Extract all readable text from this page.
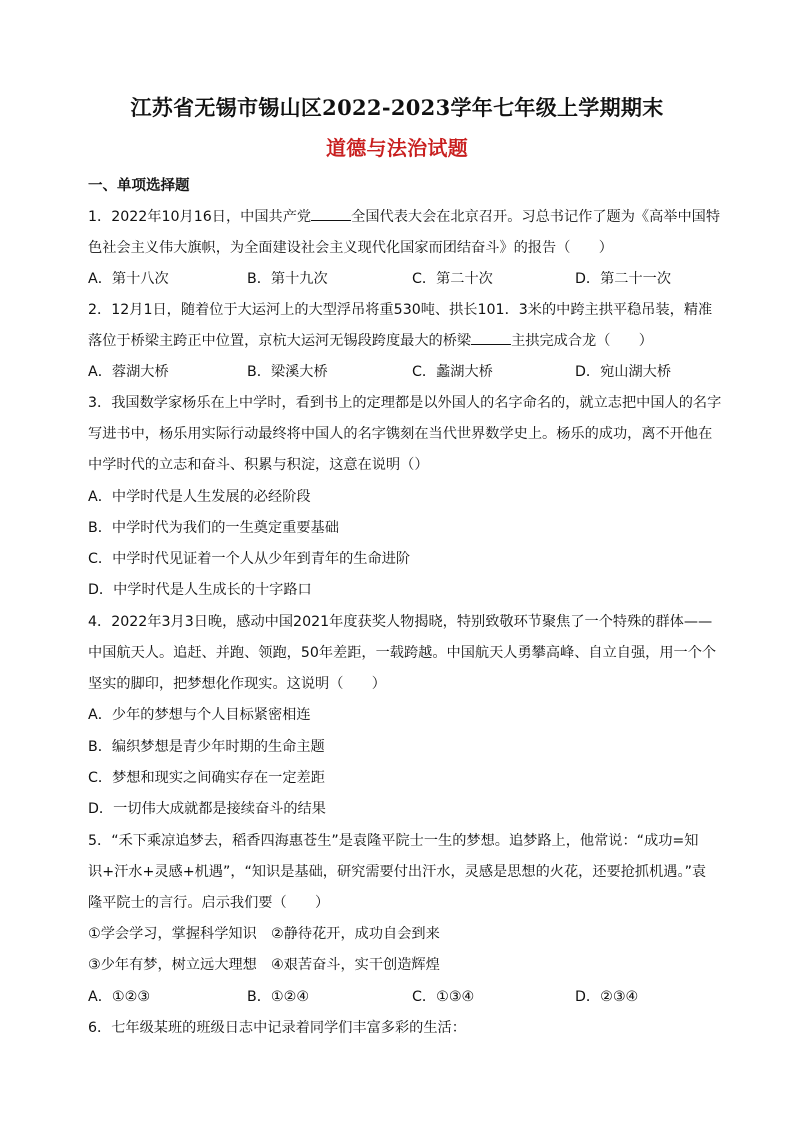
江苏省无锡市锡山区2022-2023学年七年级上学期期末
道德与法治试题
一、单项选择题
1．2022年10月16日，中国共产党	全国代表大会在北京召开。习总书记作了题为《高举中国特
色社会主义伟大旗帜，为全面建设社会主义现代化国家而团结奋斗》的报告（　　）
A．第十八次	B．第十九次	C．第二十次	D．第二十一次
2．12月1日，随着位于大运河上的大型浮吊将重530吨、拱长101．3米的中跨主拱平稳吊装，精准
落位于桥梁主跨正中位置，京杭大运河无锡段跨度最大的桥梁	主拱完成合龙（　　）
A．蓉湖大桥	B．梁溪大桥	C．蠡湖大桥	D．宛山湖大桥
3．我国数学家杨乐在上中学时，看到书上的定理都是以外国人的名字命名的，就立志把中国人的名字
写进书中，杨乐用实际行动最终将中国人的名字镌刻在当代世界数学史上。杨乐的成功，离不开他在
中学时代的立志和奋斗、积累与积淀，这意在说明（）
A．中学时代是人生发展的必经阶段
B．中学时代为我们的一生奠定重要基础
C．中学时代见证着一个人从少年到青年的生命进阶
D．中学时代是人生成长的十字路口
4．2022年3月3日晚，感动中国2021年度获奖人物揭晓，特别致敬环节聚焦了一个特殊的群体——
中国航天人。追赶、并跑、领跑，50年差距，一载跨越。中国航天人勇攀高峰、自立自强，用一个个
坚实的脚印，把梦想化作现实。这说明（　　）
A．少年的梦想与个人目标紧密相连
B．编织梦想是青少年时期的生命主题
C．梦想和现实之间确实存在一定差距
D．一切伟大成就都是接续奋斗的结果
5．“禾下乘凉追梦去，稻香四海惠苍生”是袁隆平院士一生的梦想。追梦路上，他常说：“成功=知
识+汗水+灵感+机遇”，“知识是基础，研究需要付出汗水，灵感是思想的火花，还要抢抓机遇。”袁
隆平院士的言行。启示我们要（　　）
①学会学习，掌握科学知识　②静待花开，成功自会到来
③少年有梦，树立远大理想　④艰苦奋斗，实干创造辉煌
A．①②③	B．①②④	C．①③④	D．②③④
6．七年级某班的班级日志中记录着同学们丰富多彩的生活：
